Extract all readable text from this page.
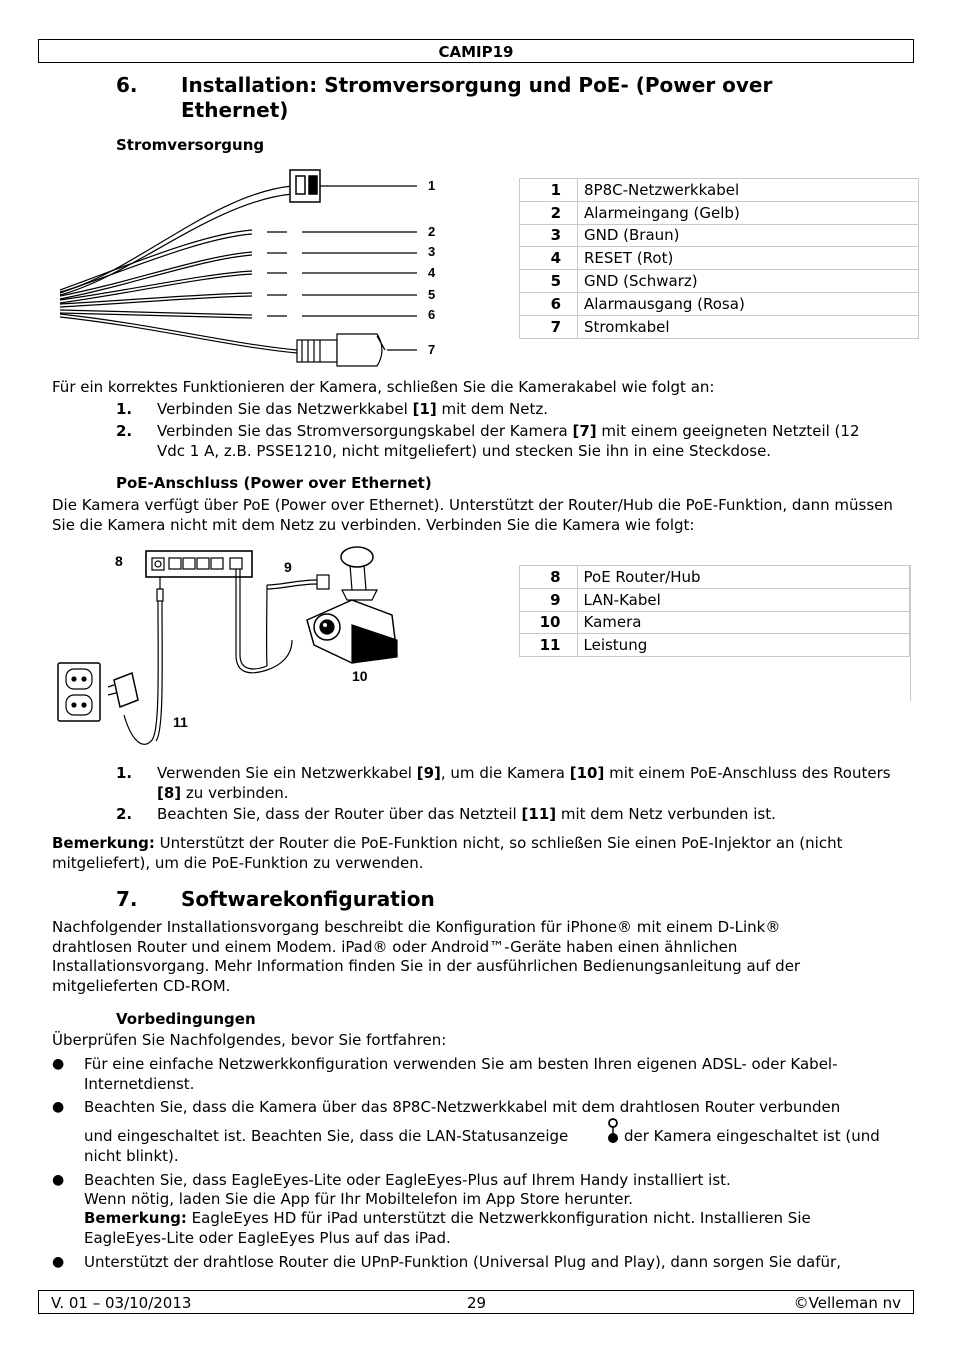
CAMIP19
6. Installation: Stromversorgung und PoE- (Power over Ethernet)
Stromversorgung
1
2
3
4
5
6
7
1	8P8C-Netzwerkkabel
2	Alarmeingang (Gelb)
3	GND (Braun)
4	RESET (Rot)
5	GND (Schwarz)
6	Alarmausgang (Rosa)
7	Stromkabel
Für ein korrektes Funktionieren der Kamera, schließen Sie die Kamerakabel wie folgt an:
1. Verbinden Sie das Netzwerkkabel [1] mit dem Netz.
2. Verbinden Sie das Stromversorgungskabel der Kamera [7] mit einem geeigneten Netzteil (12 Vdc 1 A, z.B. PSSE1210, nicht mitgeliefert) und stecken Sie ihn in eine Steckdose.
PoE-Anschluss (Power over Ethernet)
Die Kamera verfügt über PoE (Power over Ethernet). Unterstützt der Router/Hub die PoE-Funktion, dann müssen Sie die Kamera nicht mit dem Netz zu verbinden. Verbinden Sie die Kamera wie folgt:
8	9
10
11
8	PoE Router/Hub
9	LAN-Kabel
10	Kamera
11	Leistung
1. Verwenden Sie ein Netzwerkkabel [9], um die Kamera [10] mit einem PoE-Anschluss des Routers [8] zu verbinden.
2. Beachten Sie, dass der Router über das Netzteil [11] mit dem Netz verbunden ist.
Bemerkung: Unterstützt der Router die PoE-Funktion nicht, so schließen Sie einen PoE-Injektor an (nicht mitgeliefert), um die PoE-Funktion zu verwenden.
7. Softwarekonfiguration
Nachfolgender Installationsvorgang beschreibt die Konfiguration für iPhone® mit einem D-Link® drahtlosen Router und einem Modem. iPad® oder Android™-Geräte haben einen ähnlichen Installationsvorgang. Mehr Information finden Sie in der ausführlichen Bedienungsanleitung auf der mitgelieferten CD-ROM.
Vorbedingungen
Überprüfen Sie Nachfolgendes, bevor Sie fortfahren:
● Für eine einfache Netzwerkkonfiguration verwenden Sie am besten Ihren eigenen ADSL- oder Kabel-Internetdienst.
● Beachten Sie, dass die Kamera über das 8P8C-Netzwerkkabel mit dem drahtlosen Router verbunden
und eingeschaltet ist. Beachten Sie, dass die LAN-Statusanzeige	der Kamera eingeschaltet ist (und
nicht blinkt).
● Beachten Sie, dass EagleEyes-Lite oder EagleEyes-Plus auf Ihrem Handy installiert ist.
Wenn nötig, laden Sie die App für Ihr Mobiltelefon im App Store herunter.
Bemerkung: EagleEyes HD für iPad unterstützt die Netzwerkkonfiguration nicht. Installieren Sie EagleEyes-Lite oder EagleEyes Plus auf das iPad.
● Unterstützt der drahtlose Router die UPnP-Funktion (Universal Plug and Play), dann sorgen Sie dafür,
V. 01 – 03/10/2013	29	©Velleman nv
